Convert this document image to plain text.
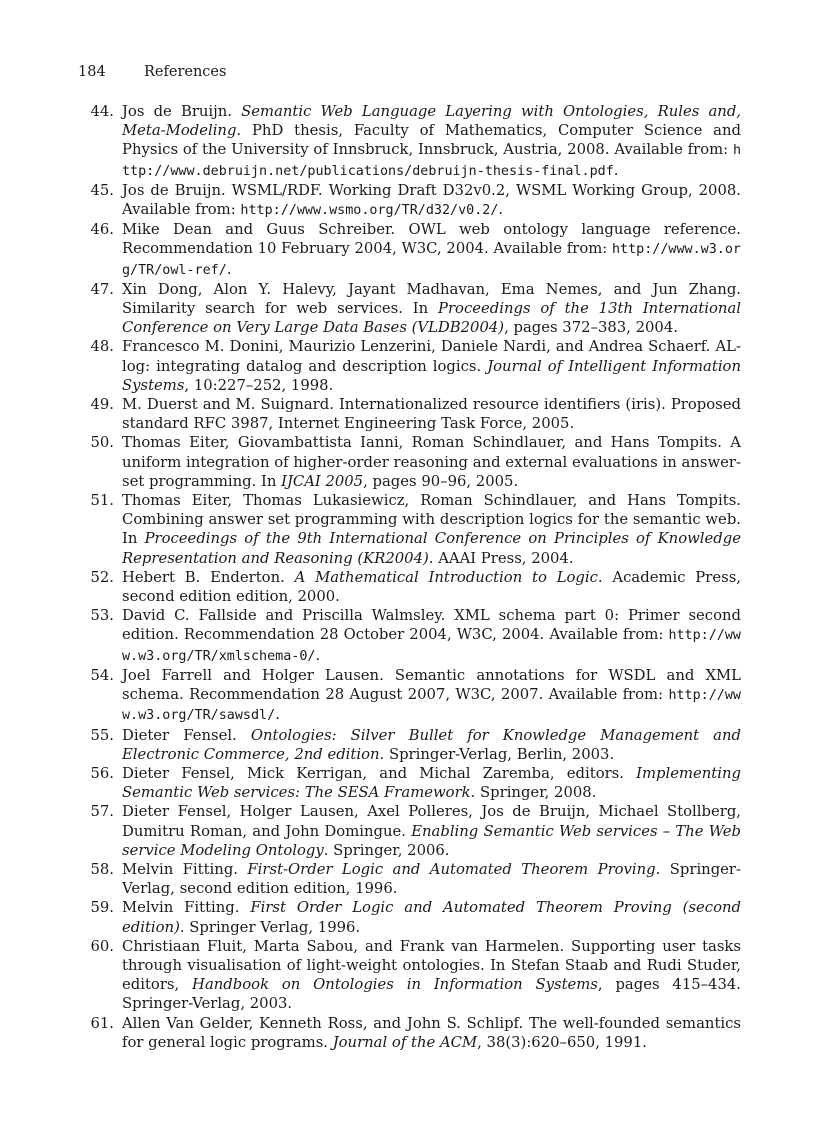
184	References
44. Jos de Bruijn. Semantic Web Language Layering with Ontologies, Rules and, Meta-Modeling. PhD thesis, Faculty of Mathematics, Computer Science and Physics of the University of Innsbruck, Innsbruck, Austria, 2008. Available from: http://www.debruijn.net/publications/debruijn-thesis-final.pdf.
45. Jos de Bruijn. WSML/RDF. Working Draft D32v0.2, WSML Working Group, 2008. Available from: http://www.wsmo.org/TR/d32/v0.2/.
46. Mike Dean and Guus Schreiber. OWL web ontology language reference. Recommendation 10 February 2004, W3C, 2004. Available from: http://www.w3.org/TR/owl-ref/.
47. Xin Dong, Alon Y. Halevy, Jayant Madhavan, Ema Nemes, and Jun Zhang. Similarity search for web services. In Proceedings of the 13th International Conference on Very Large Data Bases (VLDB2004), pages 372–383, 2004.
48. Francesco M. Donini, Maurizio Lenzerini, Daniele Nardi, and Andrea Schaerf. AL-log: integrating datalog and description logics. Journal of Intelligent Information Systems, 10:227–252, 1998.
49. M. Duerst and M. Suignard. Internationalized resource identifiers (iris). Proposed standard RFC 3987, Internet Engineering Task Force, 2005.
50. Thomas Eiter, Giovambattista Ianni, Roman Schindlauer, and Hans Tompits. A uniform integration of higher-order reasoning and external evaluations in answer-set programming. In IJCAI 2005, pages 90–96, 2005.
51. Thomas Eiter, Thomas Lukasiewicz, Roman Schindlauer, and Hans Tompits. Combining answer set programming with description logics for the semantic web. In Proceedings of the 9th International Conference on Principles of Knowledge Representation and Reasoning (KR2004). AAAI Press, 2004.
52. Hebert B. Enderton. A Mathematical Introduction to Logic. Academic Press, second edition edition, 2000.
53. David C. Fallside and Priscilla Walmsley. XML schema part 0: Primer second edition. Recommendation 28 October 2004, W3C, 2004. Available from: http://www.w3.org/TR/xmlschema-0/.
54. Joel Farrell and Holger Lausen. Semantic annotations for WSDL and XML schema. Recommendation 28 August 2007, W3C, 2007. Available from: http://www.w3.org/TR/sawsdl/.
55. Dieter Fensel. Ontologies: Silver Bullet for Knowledge Management and Electronic Commerce, 2nd edition. Springer-Verlag, Berlin, 2003.
56. Dieter Fensel, Mick Kerrigan, and Michal Zaremba, editors. Implementing Semantic Web services: The SESA Framework. Springer, 2008.
57. Dieter Fensel, Holger Lausen, Axel Polleres, Jos de Bruijn, Michael Stollberg, Dumitru Roman, and John Domingue. Enabling Semantic Web services – The Web service Modeling Ontology. Springer, 2006.
58. Melvin Fitting. First-Order Logic and Automated Theorem Proving. Springer-Verlag, second edition edition, 1996.
59. Melvin Fitting. First Order Logic and Automated Theorem Proving (second edition). Springer Verlag, 1996.
60. Christiaan Fluit, Marta Sabou, and Frank van Harmelen. Supporting user tasks through visualisation of light-weight ontologies. In Stefan Staab and Rudi Studer, editors, Handbook on Ontologies in Information Systems, pages 415–434. Springer-Verlag, 2003.
61. Allen Van Gelder, Kenneth Ross, and John S. Schlipf. The well-founded semantics for general logic programs. Journal of the ACM, 38(3):620–650, 1991.
